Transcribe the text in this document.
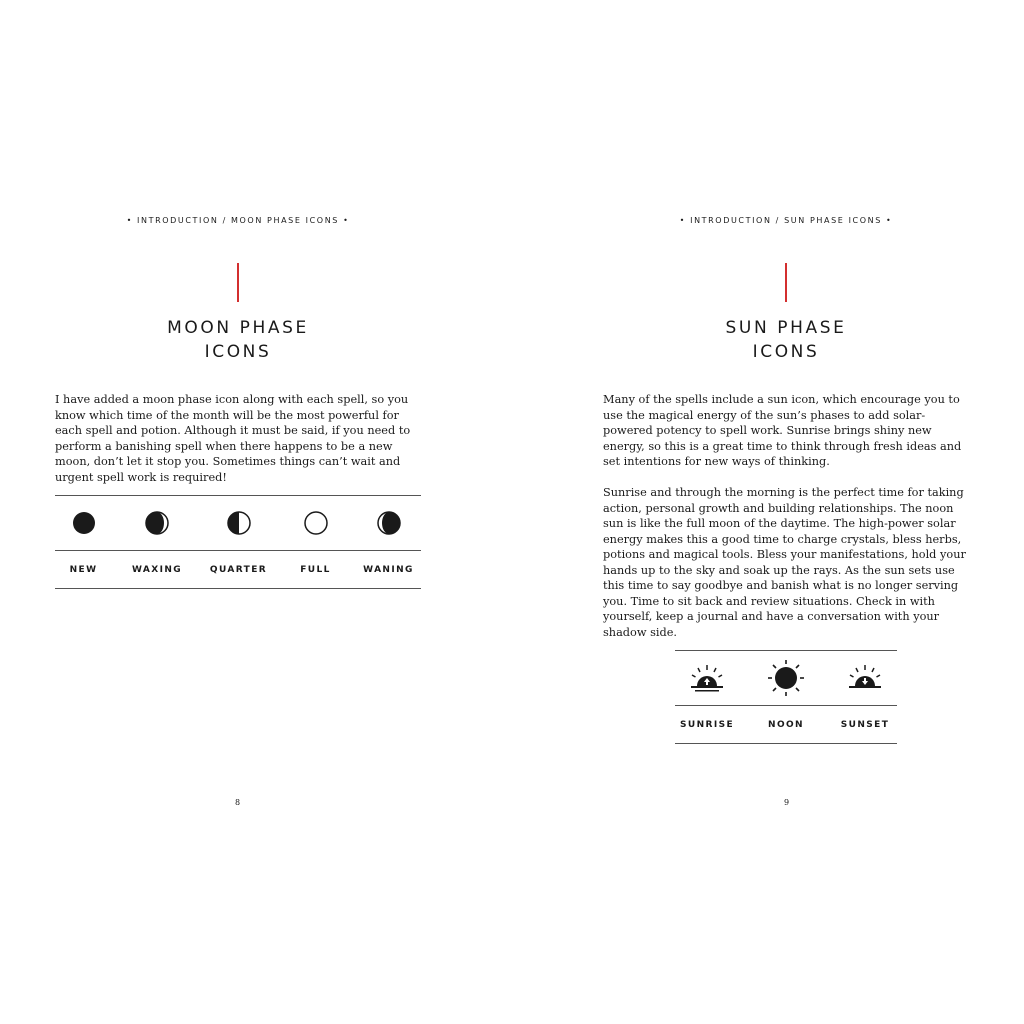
• INTRODUCTION / MOON PHASE ICONS •
MOON PHASE
ICONS

I have added a moon phase icon along with each spell, so you know which time of the month will be the most powerful for each spell and potion. Although it must be said, if you need to perform a banishing spell when there happens to be a new moon, don’t let it stop you. Sometimes things can’t wait and urgent spell work is required!

NEW	WAXING	QUARTER	FULL	WANING
8
• INTRODUCTION / SUN PHASE ICONS •
SUN PHASE
ICONS

Many of the spells include a sun icon, which encourage you to use the magical energy of the sun’s phases to add solar-powered potency to spell work. Sunrise brings shiny new energy, so this is a great time to think through fresh ideas and set intentions for new ways of thinking.

Sunrise and through the morning is the perfect time for taking action, personal growth and building relationships. The noon sun is like the full moon of the daytime. The high-power solar energy makes this a good time to charge crystals, bless herbs, potions and magical tools. Bless your manifestations, hold your hands up to the sky and soak up the rays. As the sun sets use this time to say goodbye and banish what is no longer serving you. Time to sit back and review situations. Check in with yourself, keep a journal and have a conversation with your shadow side.

SUNRISE	NOON	SUNSET
9
